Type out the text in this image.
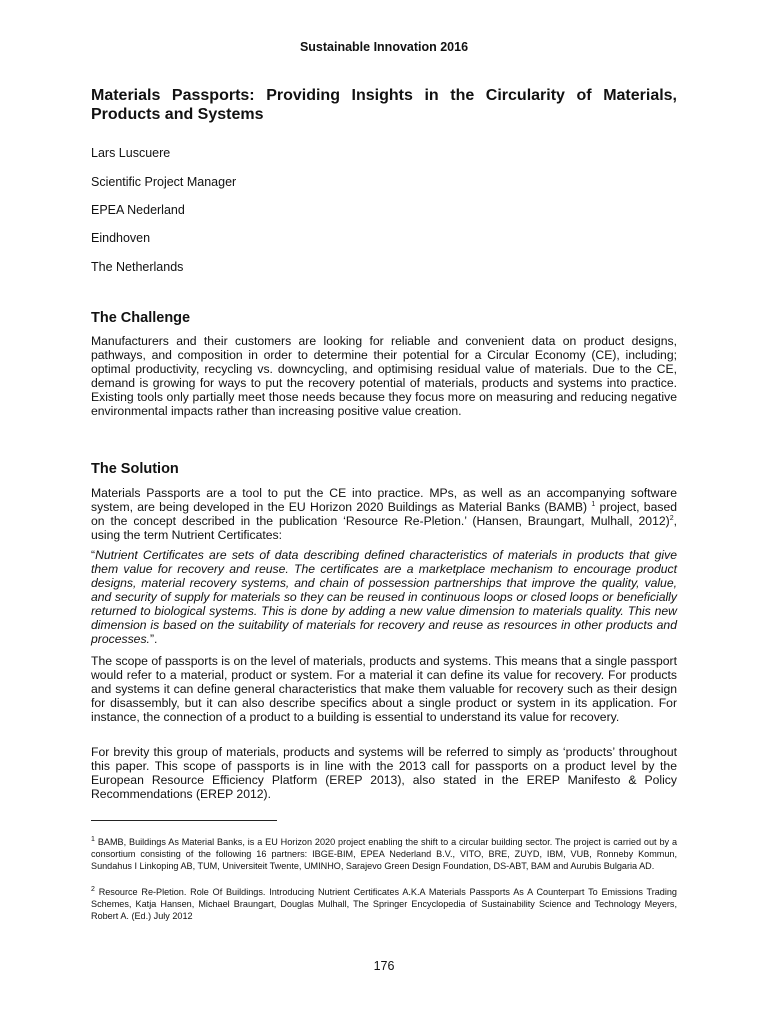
Sustainable Innovation 2016
Materials Passports: Providing Insights in the Circularity of Materials, Products and Systems
Lars Luscuere
Scientific Project Manager
EPEA Nederland
Eindhoven
The Netherlands
The Challenge

Manufacturers and their customers are looking for reliable and convenient data on product designs, pathways, and composition in order to determine their potential for a Circular Economy (CE), including; optimal productivity, recycling vs. downcycling, and optimising residual value of materials. Due to the CE, demand is growing for ways to put the recovery potential of materials, products and systems into practice. Existing tools only partially meet those needs because they focus more on measuring and reducing negative environmental impacts rather than increasing positive value creation.

The Solution

Materials Passports are a tool to put the CE into practice. MPs, as well as an accompanying software system, are being developed in the EU Horizon 2020 Buildings as Material Banks (BAMB) $^1$ project, based on the concept described in the publication ‘Resource Re-Pletion.’ (Hansen, Braungart, Mulhall, 2012)$^2$, using the term Nutrient Certificates:

“Nutrient Certificates are sets of data describing defined characteristics of materials in products that give them value for recovery and reuse. The certificates are a marketplace mechanism to encourage product designs, material recovery systems, and chain of possession partnerships that improve the quality, value, and security of supply for materials so they can be reused in continuous loops or closed loops or beneficially returned to biological systems. This is done by adding a new value dimension to materials quality. This new dimension is based on the suitability of materials for recovery and reuse as resources in other products and processes.”.

The scope of passports is on the level of materials, products and systems. This means that a single passport would refer to a material, product or system. For a material it can define its value for recovery. For products and systems it can define general characteristics that make them valuable for recovery such as their design for disassembly, but it can also describe specifics about a single product or system in its application. For instance, the connection of a product to a building is essential to understand its value for recovery.

For brevity this group of materials, products and systems will be referred to simply as ‘products’ throughout this paper. This scope of passports is in line with the 2013 call for passports on a product level by the European Resource Efficiency Platform (EREP 2013), also stated in the EREP Manifesto & Policy Recommendations (EREP 2012).

$^1$ BAMB, Buildings As Material Banks, is a EU Horizon 2020 project enabling the shift to a circular building sector. The project is carried out by a consortium consisting of the following 16 partners: IBGE-BIM, EPEA Nederland B.V., VITO, BRE, ZUYD, IBM, VUB, Ronneby Kommun, Sundahus I Linkoping AB, TUM, Universiteit Twente, UMINHO, Sarajevo Green Design Foundation, DS-ABT, BAM and Aurubis Bulgaria AD.

$^2$ Resource Re-Pletion. Role Of Buildings. Introducing Nutrient Certificates A.K.A Materials Passports As A Counterpart To Emissions Trading Schemes, Katja Hansen, Michael Braungart, Douglas Mulhall, The Springer Encyclopedia of Sustainability Science and Technology Meyers, Robert A. (Ed.) July 2012

176
